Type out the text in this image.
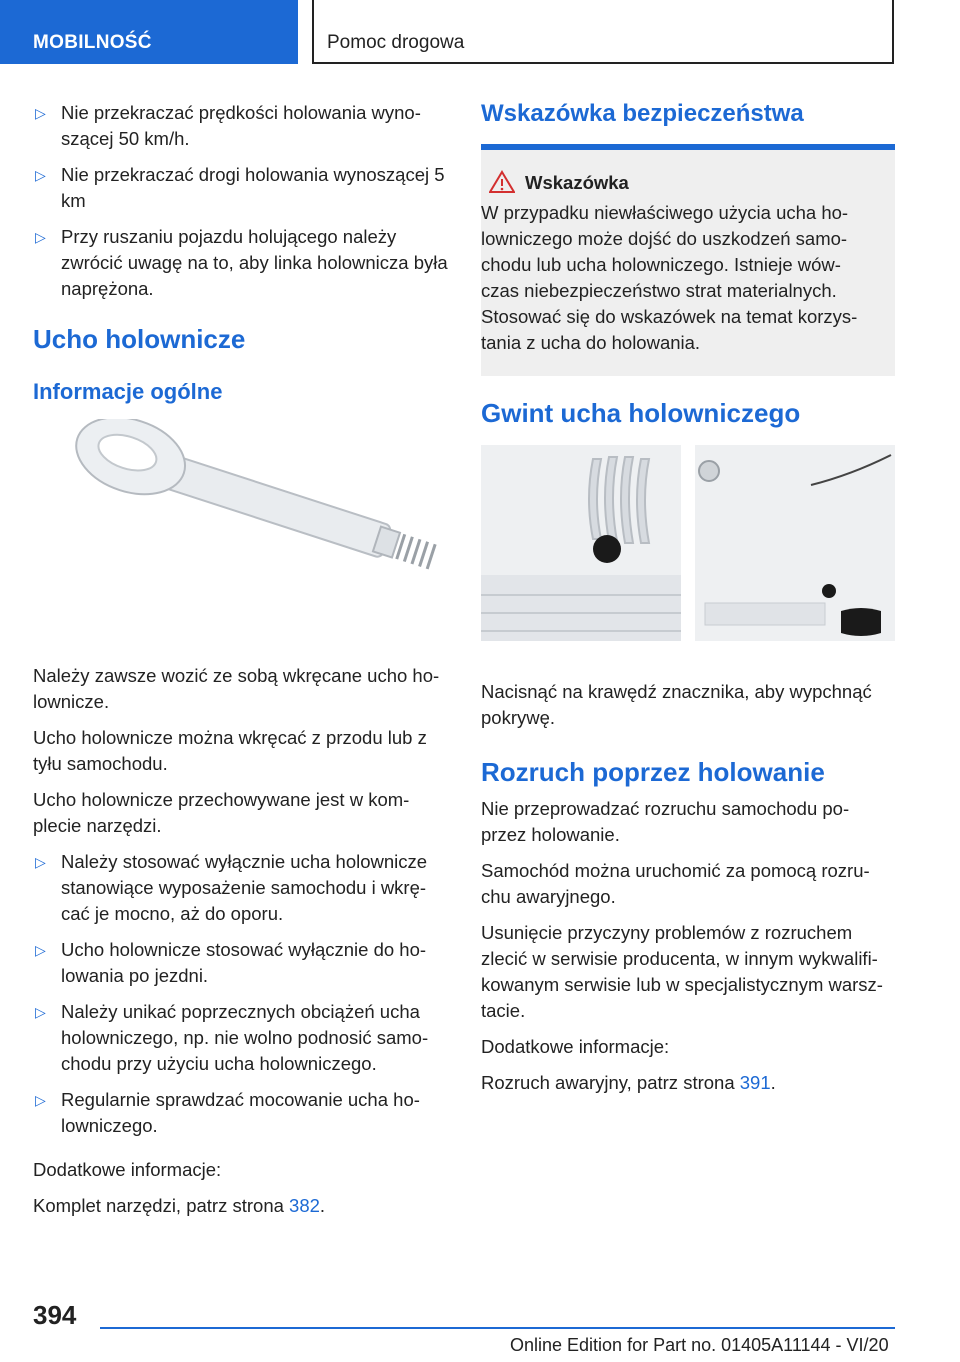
MOBILNOŚĆ	Pomoc drogowa
▷ Nie przekraczać prędkości holowania wyno‐ szącej 50 km/h.
▷ Nie przekraczać drogi holowania wynoszącej 5 km
▷ Przy ruszaniu pojazdu holującego należy zwrócić uwagę na to, aby linka holownicza była naprężona.
Ucho holownicze
Informacje ogólne

Należy zawsze wozić ze sobą wkręcane ucho ho‐ lownicze.

Ucho holownicze można wkręcać z przodu lub z tyłu samochodu.

Ucho holownicze przechowywane jest w kom‐ plecie narzędzi.

▷ Należy stosować wyłącznie ucha holownicze stanowiące wyposażenie samochodu i wkrę‐ cać je mocno, aż do oporu.
▷ Ucho holownicze stosować wyłącznie do ho‐ lowania po jezdni.
▷ Należy unikać poprzecznych obciążeń ucha holowniczego, np. nie wolno podnosić samo‐ chodu przy użyciu ucha holowniczego.
▷ Regularnie sprawdzać mocowanie ucha ho‐ lowniczego.

Dodatkowe informacje:

Komplet narzędzi, patrz strona 382.

Wskazówka bezpieczeństwa
Wskazówka

W przypadku niewłaściwego użycia ucha ho‐ lowniczego może dojść do uszkodzeń samo‐ chodu lub ucha holowniczego. Istnieje wów‐ czas niebezpieczeństwo strat materialnych. Stosować się do wskazówek na temat korzys‐ tania z ucha do holowania.

Gwint ucha holowniczego

Nacisnąć na krawędź znacznika, aby wypchnąć pokrywę.

Rozruch poprzez holowanie

Nie przeprowadzać rozruchu samochodu po‐ przez holowanie.

Samochód można uruchomić za pomocą rozru‐ chu awaryjnego.

Usunięcie przyczyny problemów z rozruchem zlecić w serwisie producenta, w innym wykwalifi‐ kowanym serwisie lub w specjalistycznym warsz‐ tacie.

Dodatkowe informacje:

Rozruch awaryjny, patrz strona 391.

394
Online Edition for Part no. 01405A11144 - VI/20
